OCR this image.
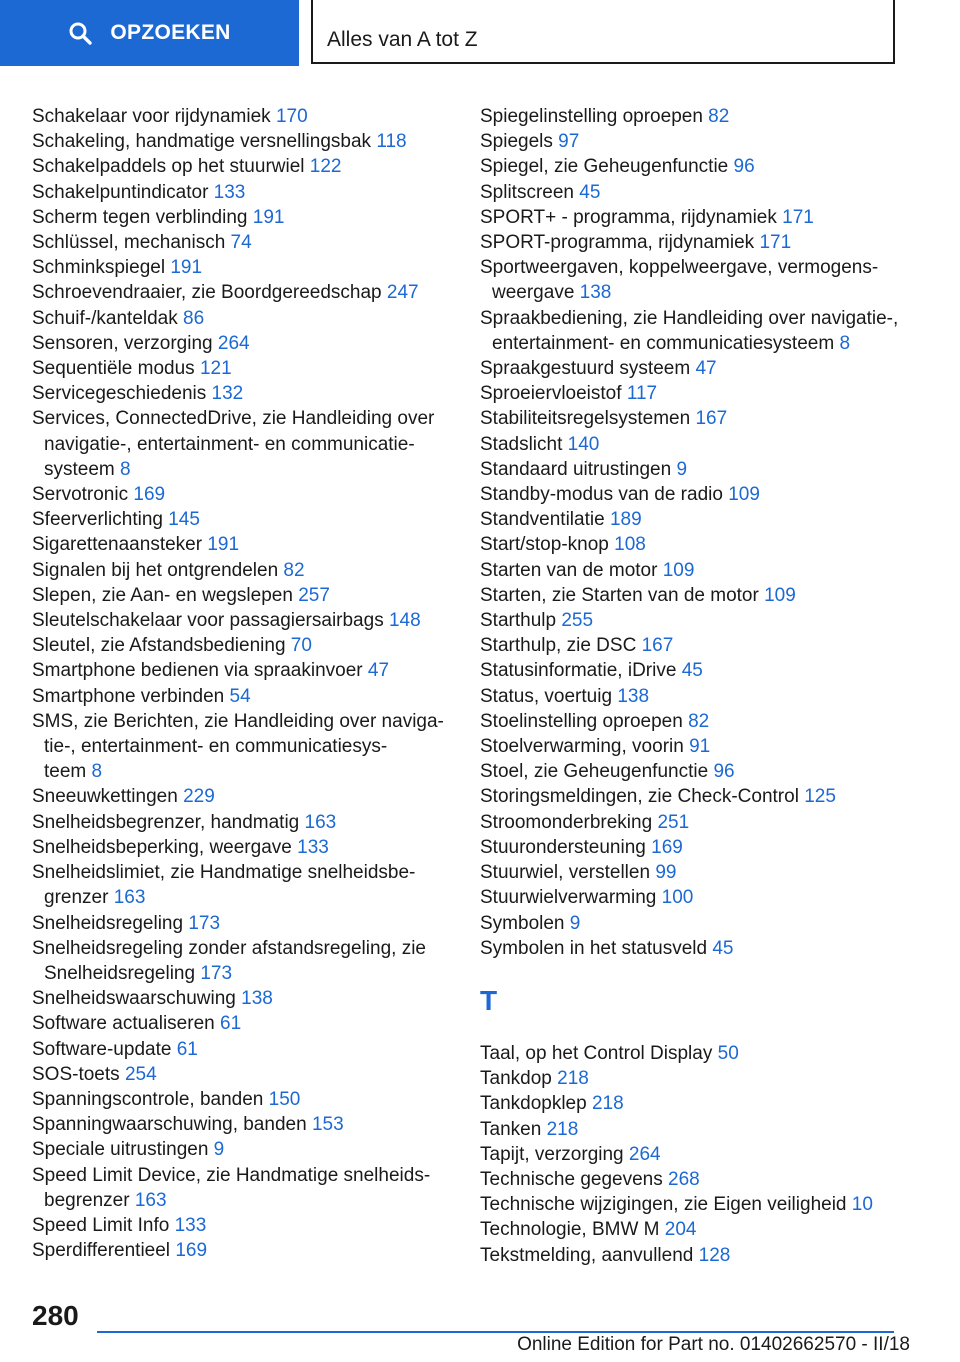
OPZOEKEN	Alles van A tot Z
Schakelaar voor rijdynamiek 170
Schakeling, handmatige versnellingsbak 118
Schakelpaddels op het stuurwiel 122
Schakelpuntindicator 133
Scherm tegen verblinding 191
Schlüssel, mechanisch 74
Schminkspiegel 191
Schroevendraaier, zie Boordgereedschap 247
Schuif-/kanteldak 86
Sensoren, verzorging 264
Sequentiële modus 121
Servicegeschiedenis 132
Services, ConnectedDrive, zie Handleiding over
navigatie-, entertainment- en communicatie-
systeem 8
Servotronic 169
Sfeerverlichting 145
Sigarettenaansteker 191
Signalen bij het ontgrendelen 82
Slepen, zie Aan- en wegslepen 257
Sleutelschakelaar voor passagiersairbags 148
Sleutel, zie Afstandsbediening 70
Smartphone bedienen via spraakinvoer 47
Smartphone verbinden 54
SMS, zie Berichten, zie Handleiding over naviga-
tie-, entertainment- en communicatiesys-
teem 8
Sneeuwkettingen 229
Snelheidsbegrenzer, handmatig 163
Snelheidsbeperking, weergave 133
Snelheidslimiet, zie Handmatige snelheidsbe-
grenzer 163
Snelheidsregeling 173
Snelheidsregeling zonder afstandsregeling, zie
Snelheidsregeling 173
Snelheidswaarschuwing 138
Software actualiseren 61
Software-update 61
SOS-toets 254
Spanningscontrole, banden 150
Spanningwaarschuwing, banden 153
Speciale uitrustingen 9
Speed Limit Device, zie Handmatige snelheids-
begrenzer 163
Speed Limit Info 133
Sperdifferentieel 169
Spiegelinstelling oproepen 82
Spiegels 97
Spiegel, zie Geheugenfunctie 96
Splitscreen 45
SPORT+ - programma, rijdynamiek 171
SPORT-programma, rijdynamiek 171
Sportweergaven, koppelweergave, vermogens-
weergave 138
Spraakbediening, zie Handleiding over navigatie-,
entertainment- en communicatiesysteem 8
Spraakgestuurd systeem 47
Sproeiervloeistof 117
Stabiliteitsregelsystemen 167
Stadslicht 140
Standaard uitrustingen 9
Standby-modus van de radio 109
Standventilatie 189
Start/stop-knop 108
Starten van de motor 109
Starten, zie Starten van de motor 109
Starthulp 255
Starthulp, zie DSC 167
Statusinformatie, iDrive 45
Status, voertuig 138
Stoelinstelling oproepen 82
Stoelverwarming, voorin 91
Stoel, zie Geheugenfunctie 96
Storingsmeldingen, zie Check-Control 125
Stroomonderbreking 251
Stuurondersteuning 169
Stuurwiel, verstellen 99
Stuurwielverwarming 100
Symbolen 9
Symbolen in het statusveld 45
T
Taal, op het Control Display 50
Tankdop 218
Tankdopklep 218
Tanken 218
Tapijt, verzorging 264
Technische gegevens 268
Technische wijzigingen, zie Eigen veiligheid 10
Technologie, BMW M 204
Tekstmelding, aanvullend 128
280
Online Edition for Part no. 01402662570 - II/18
